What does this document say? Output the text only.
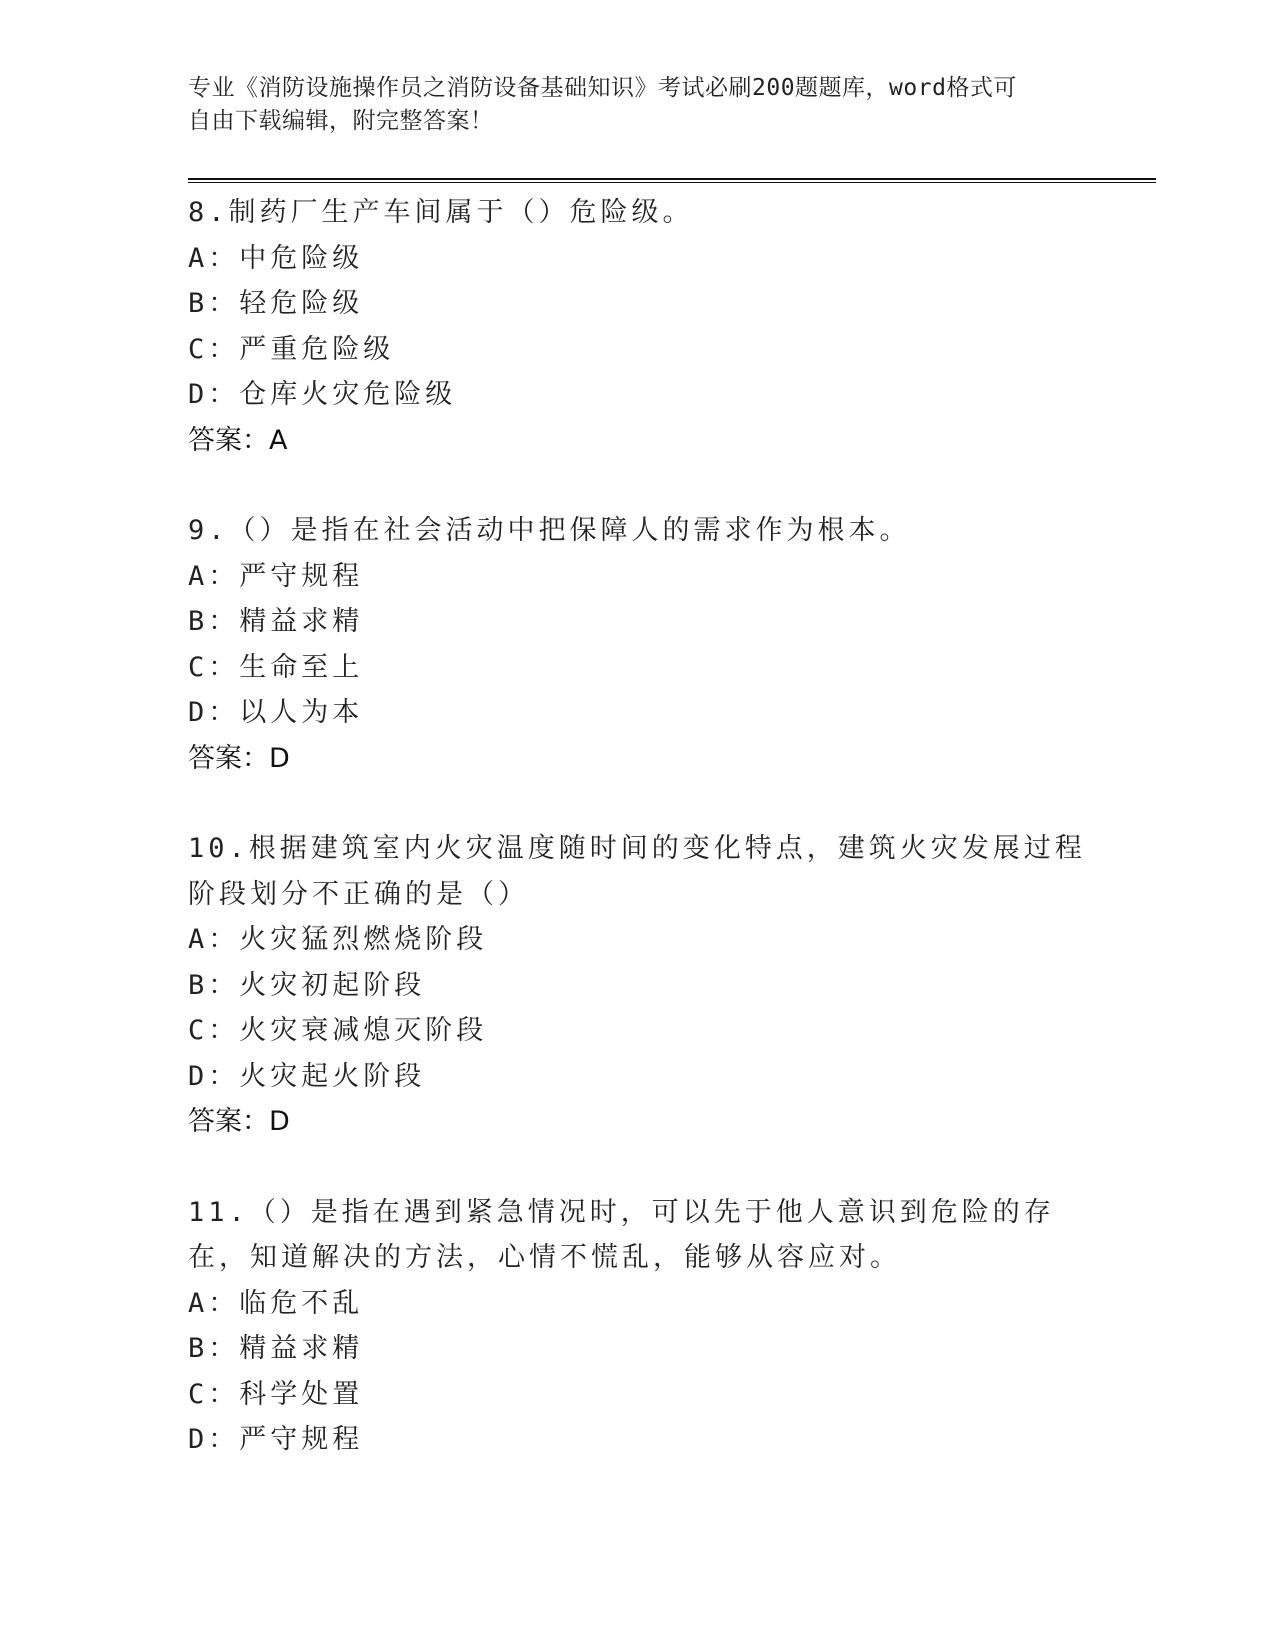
专业《消防设施操作员之消防设备基础知识》考试必刷200题题库，word格式可
自由下载编辑，附完整答案！

8.制药厂生产车间属于（）危险级。

A：中危险级

B：轻危险级

C：严重危险级

D：仓库火灾危险级

答案：A

9.（）是指在社会活动中把保障人的需求作为根本。

A：严守规程

B：精益求精

C：生命至上

D：以人为本

答案：D

10.根据建筑室内火灾温度随时间的变化特点，建筑火灾发展过程阶段划分不正确的是（）

A：火灾猛烈燃烧阶段

B：火灾初起阶段

C：火灾衰减熄灭阶段

D：火灾起火阶段

答案：D

11.（）是指在遇到紧急情况时，可以先于他人意识到危险的存在，知道解决的方法，心情不慌乱，能够从容应对。

A：临危不乱

B：精益求精

C：科学处置

D：严守规程
